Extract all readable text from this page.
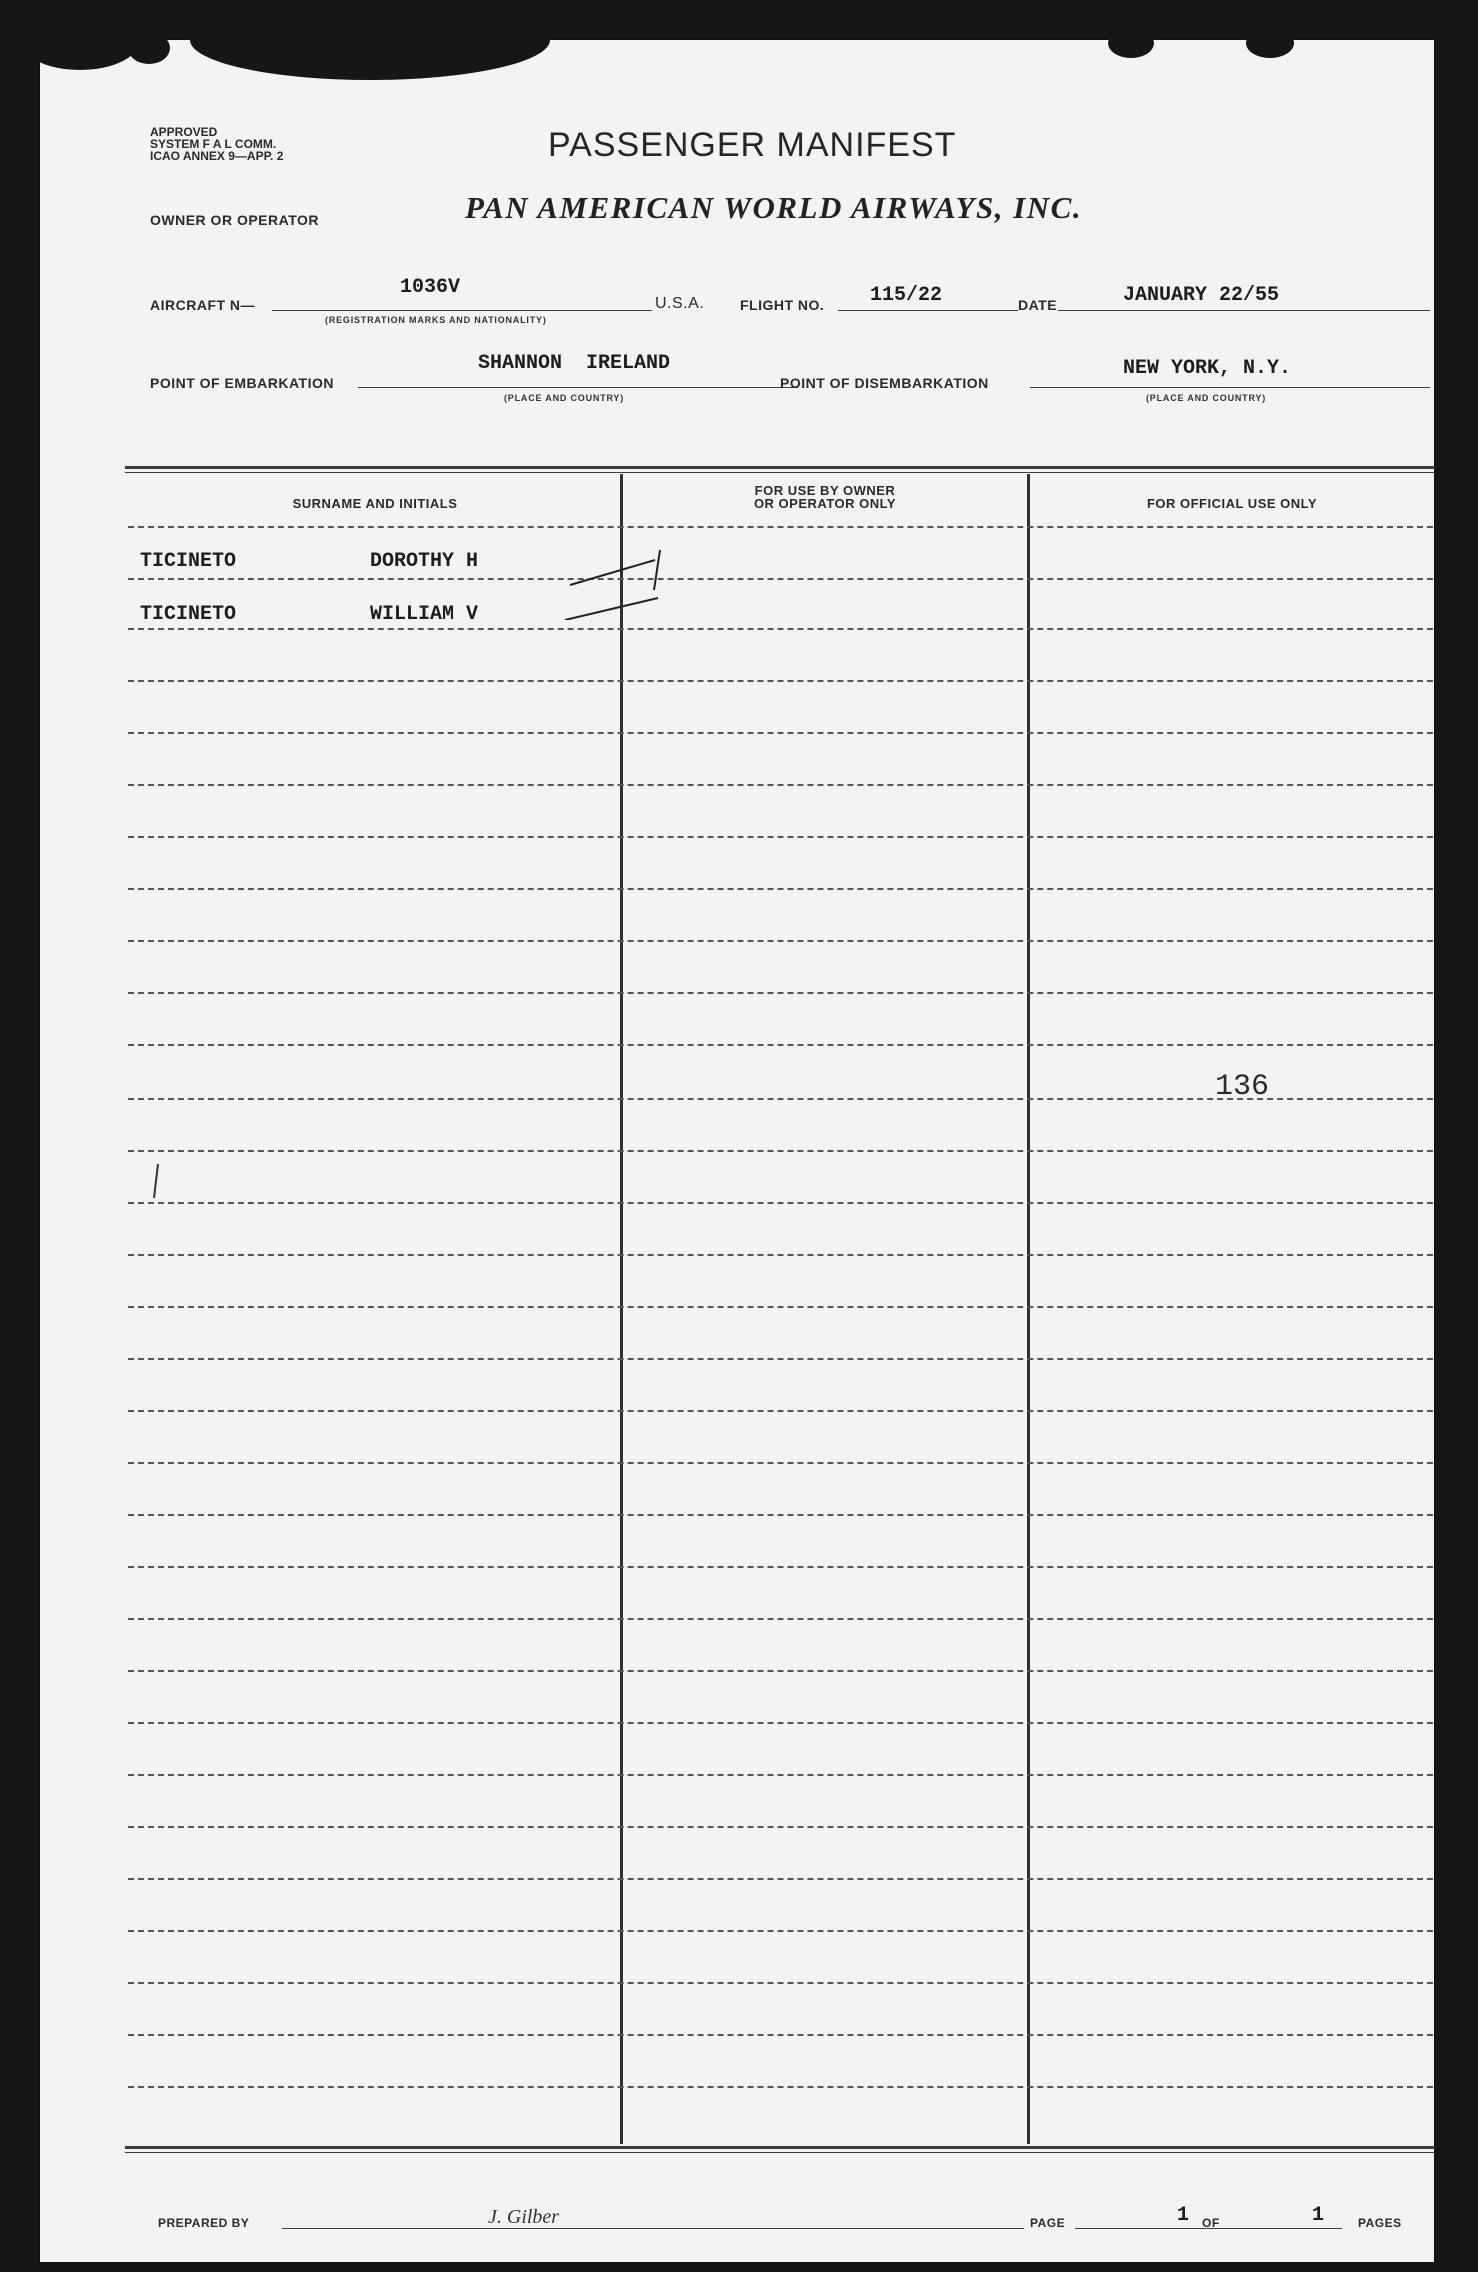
APPROVED
SYSTEM F A L COMM.
ICAO ANNEX 9—APP. 2	PASSENGER MANIFEST
OWNER OR OPERATOR	PAN AMERICAN WORLD AIRWAYS, INC.
AIRCRAFT N—
1036V
(REGISTRATION MARKS AND NATIONALITY)
U.S.A.	FLIGHT NO. 115/22	DATE	JANUARY 22/55
POINT OF EMBARKATION
SHANNON  IRELAND
(PLACE AND COUNTRY)
POINT OF DISEMBARKATION
NEW YORK, N.Y.
(PLACE AND COUNTRY)
SURNAME AND INITIALS
FOR USE BY OWNER
OR OPERATOR ONLY	FOR OFFICIAL USE ONLY
TICINETO	DOROTHY H
TICINETO	WILLIAM V
136
PREPARED BY	J. Gilber	PAGE	1 OF	1	PAGES
